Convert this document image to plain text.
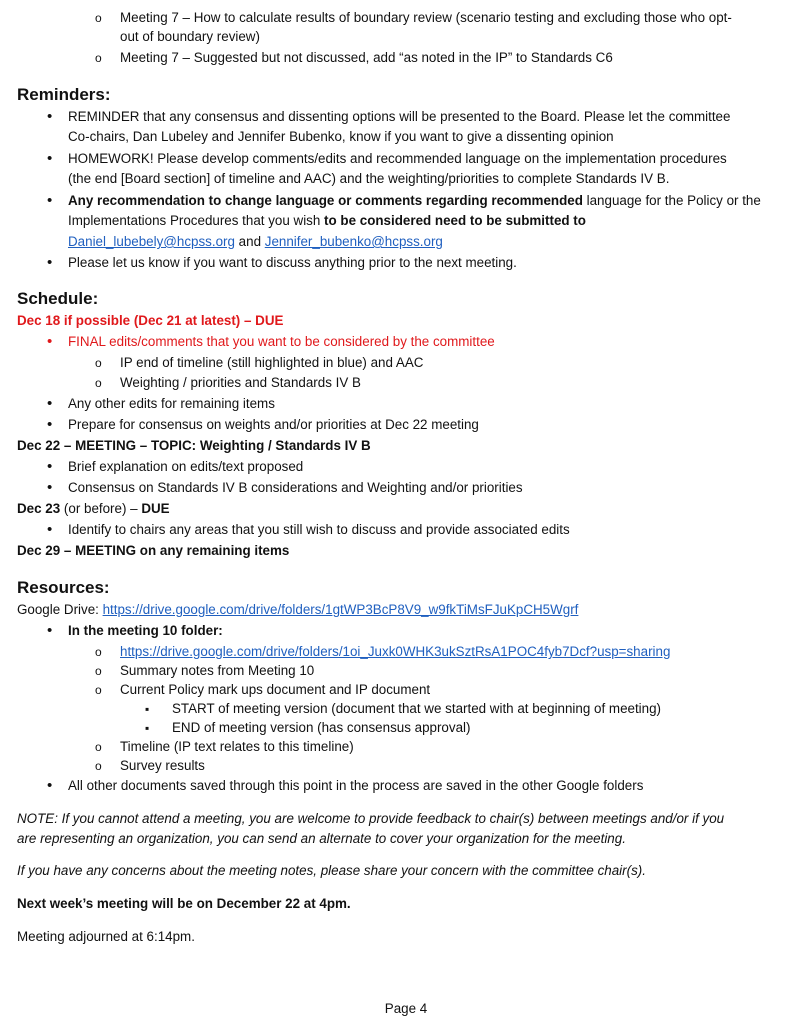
o
Meeting 7 – How to calculate results of boundary review (scenario testing and excluding those who opt-
out of boundary review)
o
Meeting 7 – Suggested but not discussed, add “as noted in the IP” to Standards C6
Reminders:
•
REMINDER that any consensus and dissenting options will be presented to the Board. Please let the committee
Co-chairs, Dan Lubeley and Jennifer Bubenko, know if you want to give a dissenting opinion
•
HOMEWORK! Please develop comments/edits and recommended language on the implementation procedures
(the end [Board section] of timeline and AAC) and the weighting/priorities to complete Standards IV B.
•
Any recommendation to change language or comments regarding recommended language for the Policy or the
Implementations Procedures that you wish to be considered need to be submitted to
Daniel_lubebely@hcpss.org and Jennifer_bubenko@hcpss.org
•
Please let us know if you want to discuss anything prior to the next meeting.
Schedule:
Dec 18 if possible (Dec 21 at latest) – DUE
•
FINAL edits/comments that you want to be considered by the committee
o
IP end of timeline (still highlighted in blue) and AAC
o
Weighting / priorities and Standards IV B
•
Any other edits for remaining items
•
Prepare for consensus on weights and/or priorities at Dec 22 meeting
Dec 22 – MEETING – TOPIC: Weighting / Standards IV B
•
Brief explanation on edits/text proposed
•
Consensus on Standards IV B considerations and Weighting and/or priorities
Dec 23 (or before) – DUE
•
Identify to chairs any areas that you still wish to discuss and provide associated edits
Dec 29 – MEETING on any remaining items
Resources:
Google Drive: https://drive.google.com/drive/folders/1gtWP3BcP8V9_w9fkTiMsFJuKpCH5Wgrf
•
In the meeting 10 folder:
o
https://drive.google.com/drive/folders/1oi_Juxk0WHK3ukSztRsA1POC4fyb7Dcf?usp=sharing
o
Summary notes from Meeting 10
o
Current Policy mark ups document and IP document
▪
START of meeting version (document that we started with at beginning of meeting)
▪
END of meeting version (has consensus approval)
o
Timeline (IP text relates to this timeline)
o
Survey results
•
All other documents saved through this point in the process are saved in the other Google folders
NOTE: If you cannot attend a meeting, you are welcome to provide feedback to chair(s) between meetings and/or if you
are representing an organization, you can send an alternate to cover your organization for the meeting.
If you have any concerns about the meeting notes, please share your concern with the committee chair(s).
Next week’s meeting will be on December 22 at 4pm.
Meeting adjourned at 6:14pm.
Page 4
